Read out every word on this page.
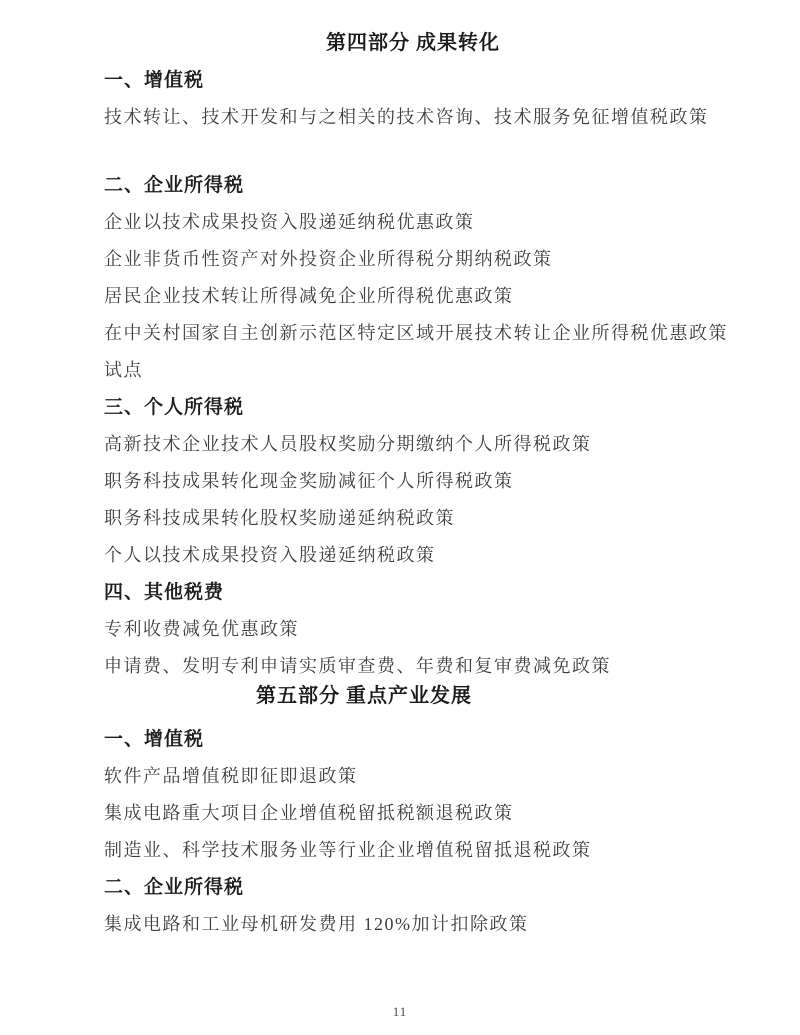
第四部分 成果转化
一、增值税
技术转让、技术开发和与之相关的技术咨询、技术服务免征增值税政策
二、企业所得税
企业以技术成果投资入股递延纳税优惠政策
企业非货币性资产对外投资企业所得税分期纳税政策
居民企业技术转让所得减免企业所得税优惠政策
在中关村国家自主创新示范区特定区域开展技术转让企业所得税优惠政策
试点
三、个人所得税
高新技术企业技术人员股权奖励分期缴纳个人所得税政策
职务科技成果转化现金奖励减征个人所得税政策
职务科技成果转化股权奖励递延纳税政策
个人以技术成果投资入股递延纳税政策
四、其他税费
专利收费减免优惠政策
申请费、发明专利申请实质审查费、年费和复审费减免政策
第五部分 重点产业发展
一、增值税
软件产品增值税即征即退政策
集成电路重大项目企业增值税留抵税额退税政策
制造业、科学技术服务业等行业企业增值税留抵退税政策
二、企业所得税
集成电路和工业母机研发费用 120%加计扣除政策
11
